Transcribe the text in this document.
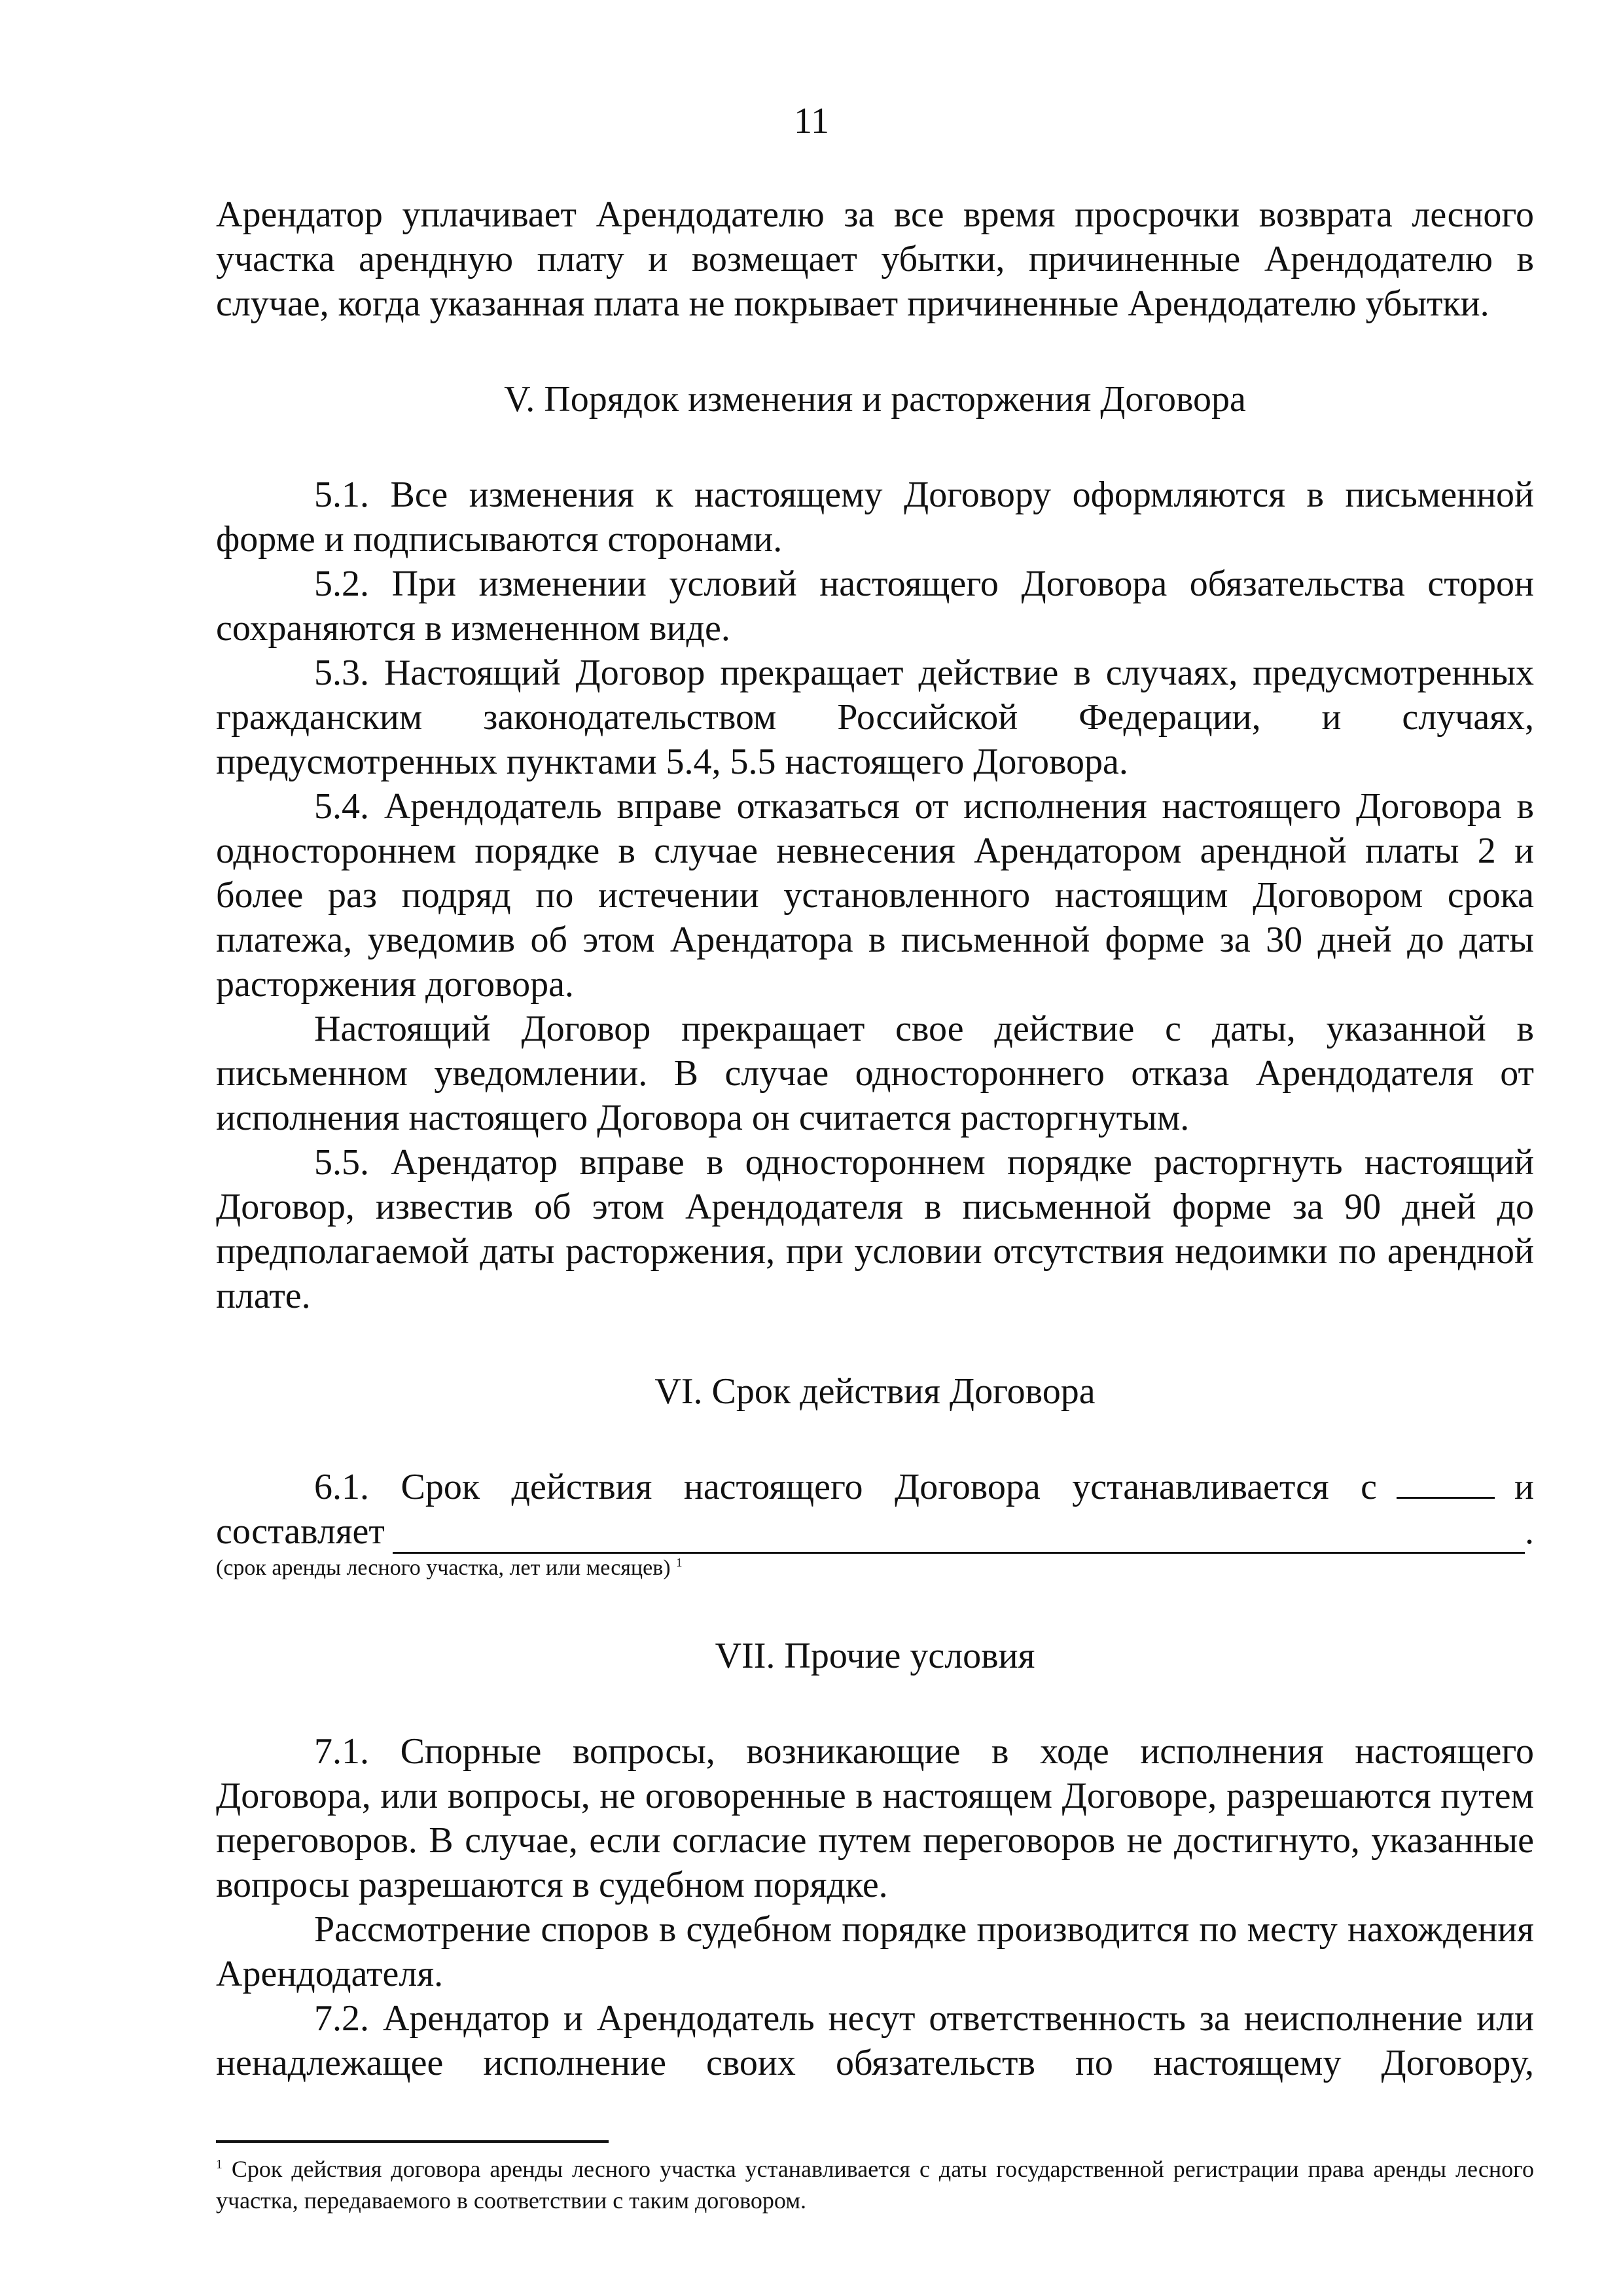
11

Арендатор уплачивает Арендодателю за все время просрочки возврата лесного участка арендную плату и возмещает убытки, причиненные Арендодателю в случае, когда указанная плата не покрывает причиненные Арендодателю убытки.

V. Порядок изменения и расторжения Договора

5.1. Все изменения к настоящему Договору оформляются в письменной форме и подписываются сторонами.

5.2. При изменении условий настоящего Договора обязательства сторон сохраняются в измененном виде.

5.3. Настоящий Договор прекращает действие в случаях, предусмотренных гражданским законодательством Российской Федерации, и случаях, предусмотренных пунктами 5.4, 5.5 настоящего Договора.

5.4. Арендодатель вправе отказаться от исполнения настоящего Договора в одностороннем порядке в случае невнесения Арендатором арендной платы 2 и более раз подряд по истечении установленного настоящим Договором срока платежа, уведомив об этом Арендатора в письменной форме за 30 дней до даты расторжения договора.

Настоящий Договор прекращает свое действие с даты, указанной в письменном уведомлении. В случае одностороннего отказа Арендодателя от исполнения настоящего Договора он считается расторгнутым.

5.5. Арендатор вправе в одностороннем порядке расторгнуть настоящий Договор, известив об этом Арендодателя в письменной форме за 90 дней до предполагаемой даты расторжения, при условии отсутствия недоимки по арендной плате.

VI. Срок действия Договора

6.1. Срок действия настоящего Договора устанавливается с	и

составляет	.

(срок аренды лесного участка, лет или месяцев) $^1$

VII. Прочие условия

7.1. Спорные вопросы, возникающие в ходе исполнения настоящего Договора, или вопросы, не оговоренные в настоящем Договоре, разрешаются путем переговоров. В случае, если согласие путем переговоров не достигнуто, указанные вопросы разрешаются в судебном порядке.

Рассмотрение споров в судебном порядке производится по месту нахождения Арендодателя.

7.2. Арендатор и Арендодатель несут ответственность за неисполнение или ненадлежащее исполнение своих обязательств по настоящему Договору,

$^1$ Срок действия договора аренды лесного участка устанавливается с даты государственной регистрации права аренды лесного участка, передаваемого в соответствии с таким договором.
